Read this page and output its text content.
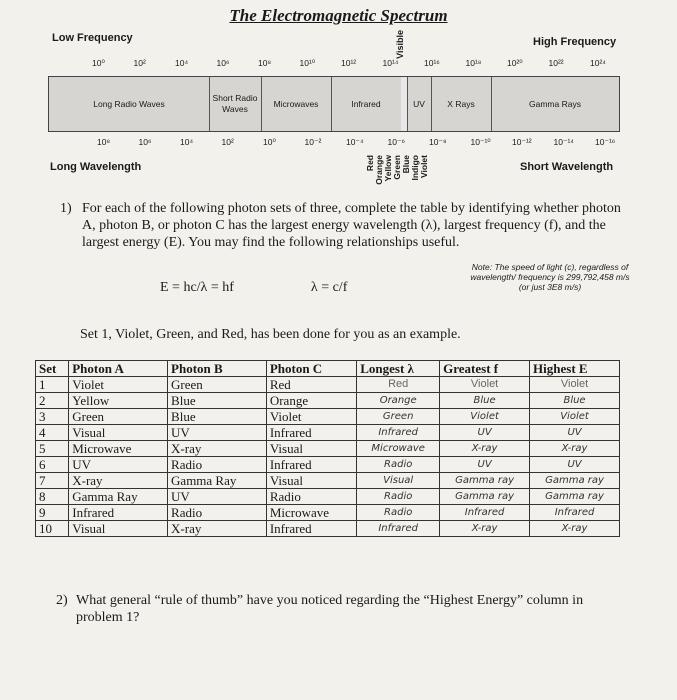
The Electromagnetic Spectrum
Low Frequency	High Frequency
10⁰	10²	10⁴	10⁶	10⁸	10¹⁰	10¹²	10¹⁴	10¹⁶	10¹⁸	10²⁰	10²²	10²⁴
Long Radio Waves
Short Radio Waves
Microwaves	Infrared	UV	X Rays	Gamma Rays
Visible
10⁸	10⁶	10⁴	10²	10⁰	10⁻²	10⁻⁴	10⁻⁶	10⁻⁸	10⁻¹⁰	10⁻¹²	10⁻¹⁴ 10⁻¹⁶
Long Wavelength	Short Wavelength
Red Orange Yellow Green Blue Indigo Violet
1) For each of the following photon sets of three, complete the table by identifying whether photon A, photon B, or photon C has the largest energy wavelength (λ), largest frequency (f), and the largest energy (E). You may find the following relationships useful.
E = hc/λ = hf	λ = c/f
Note: The speed of light (c), regardless of wavelength/ frequency is 299,792,458 m/s (or just 3E8 m/s)
Set 1, Violet, Green, and Red, has been done for you as an example.
Set	Photon A	Photon B	Photon C	Longest λ	Greatest f	Highest E
1	Violet	Green	Red	Red	Violet	Violet
2	Yellow	Blue	Orange	Orange	Blue	Blue
3	Green	Blue	Violet	Green	Violet	Violet
4	Visual	UV	Infrared	Infrared	UV	UV
5	Microwave	X-ray	Visual	Microwave	X-ray	X-ray
6	UV	Radio	Infrared	Radio	UV	UV
7	X-ray	Gamma Ray	Visual	Visual	Gamma ray	Gamma ray
8	Gamma Ray	UV	Radio	Radio	Gamma ray	Gamma ray
9	Infrared	Radio	Microwave	Radio	Infrared	Infrared
10	Visual	X-ray	Infrared	Infrared	X-ray	X-ray
2) What general “rule of thumb” have you noticed regarding the “Highest Energy” column in problem 1?
